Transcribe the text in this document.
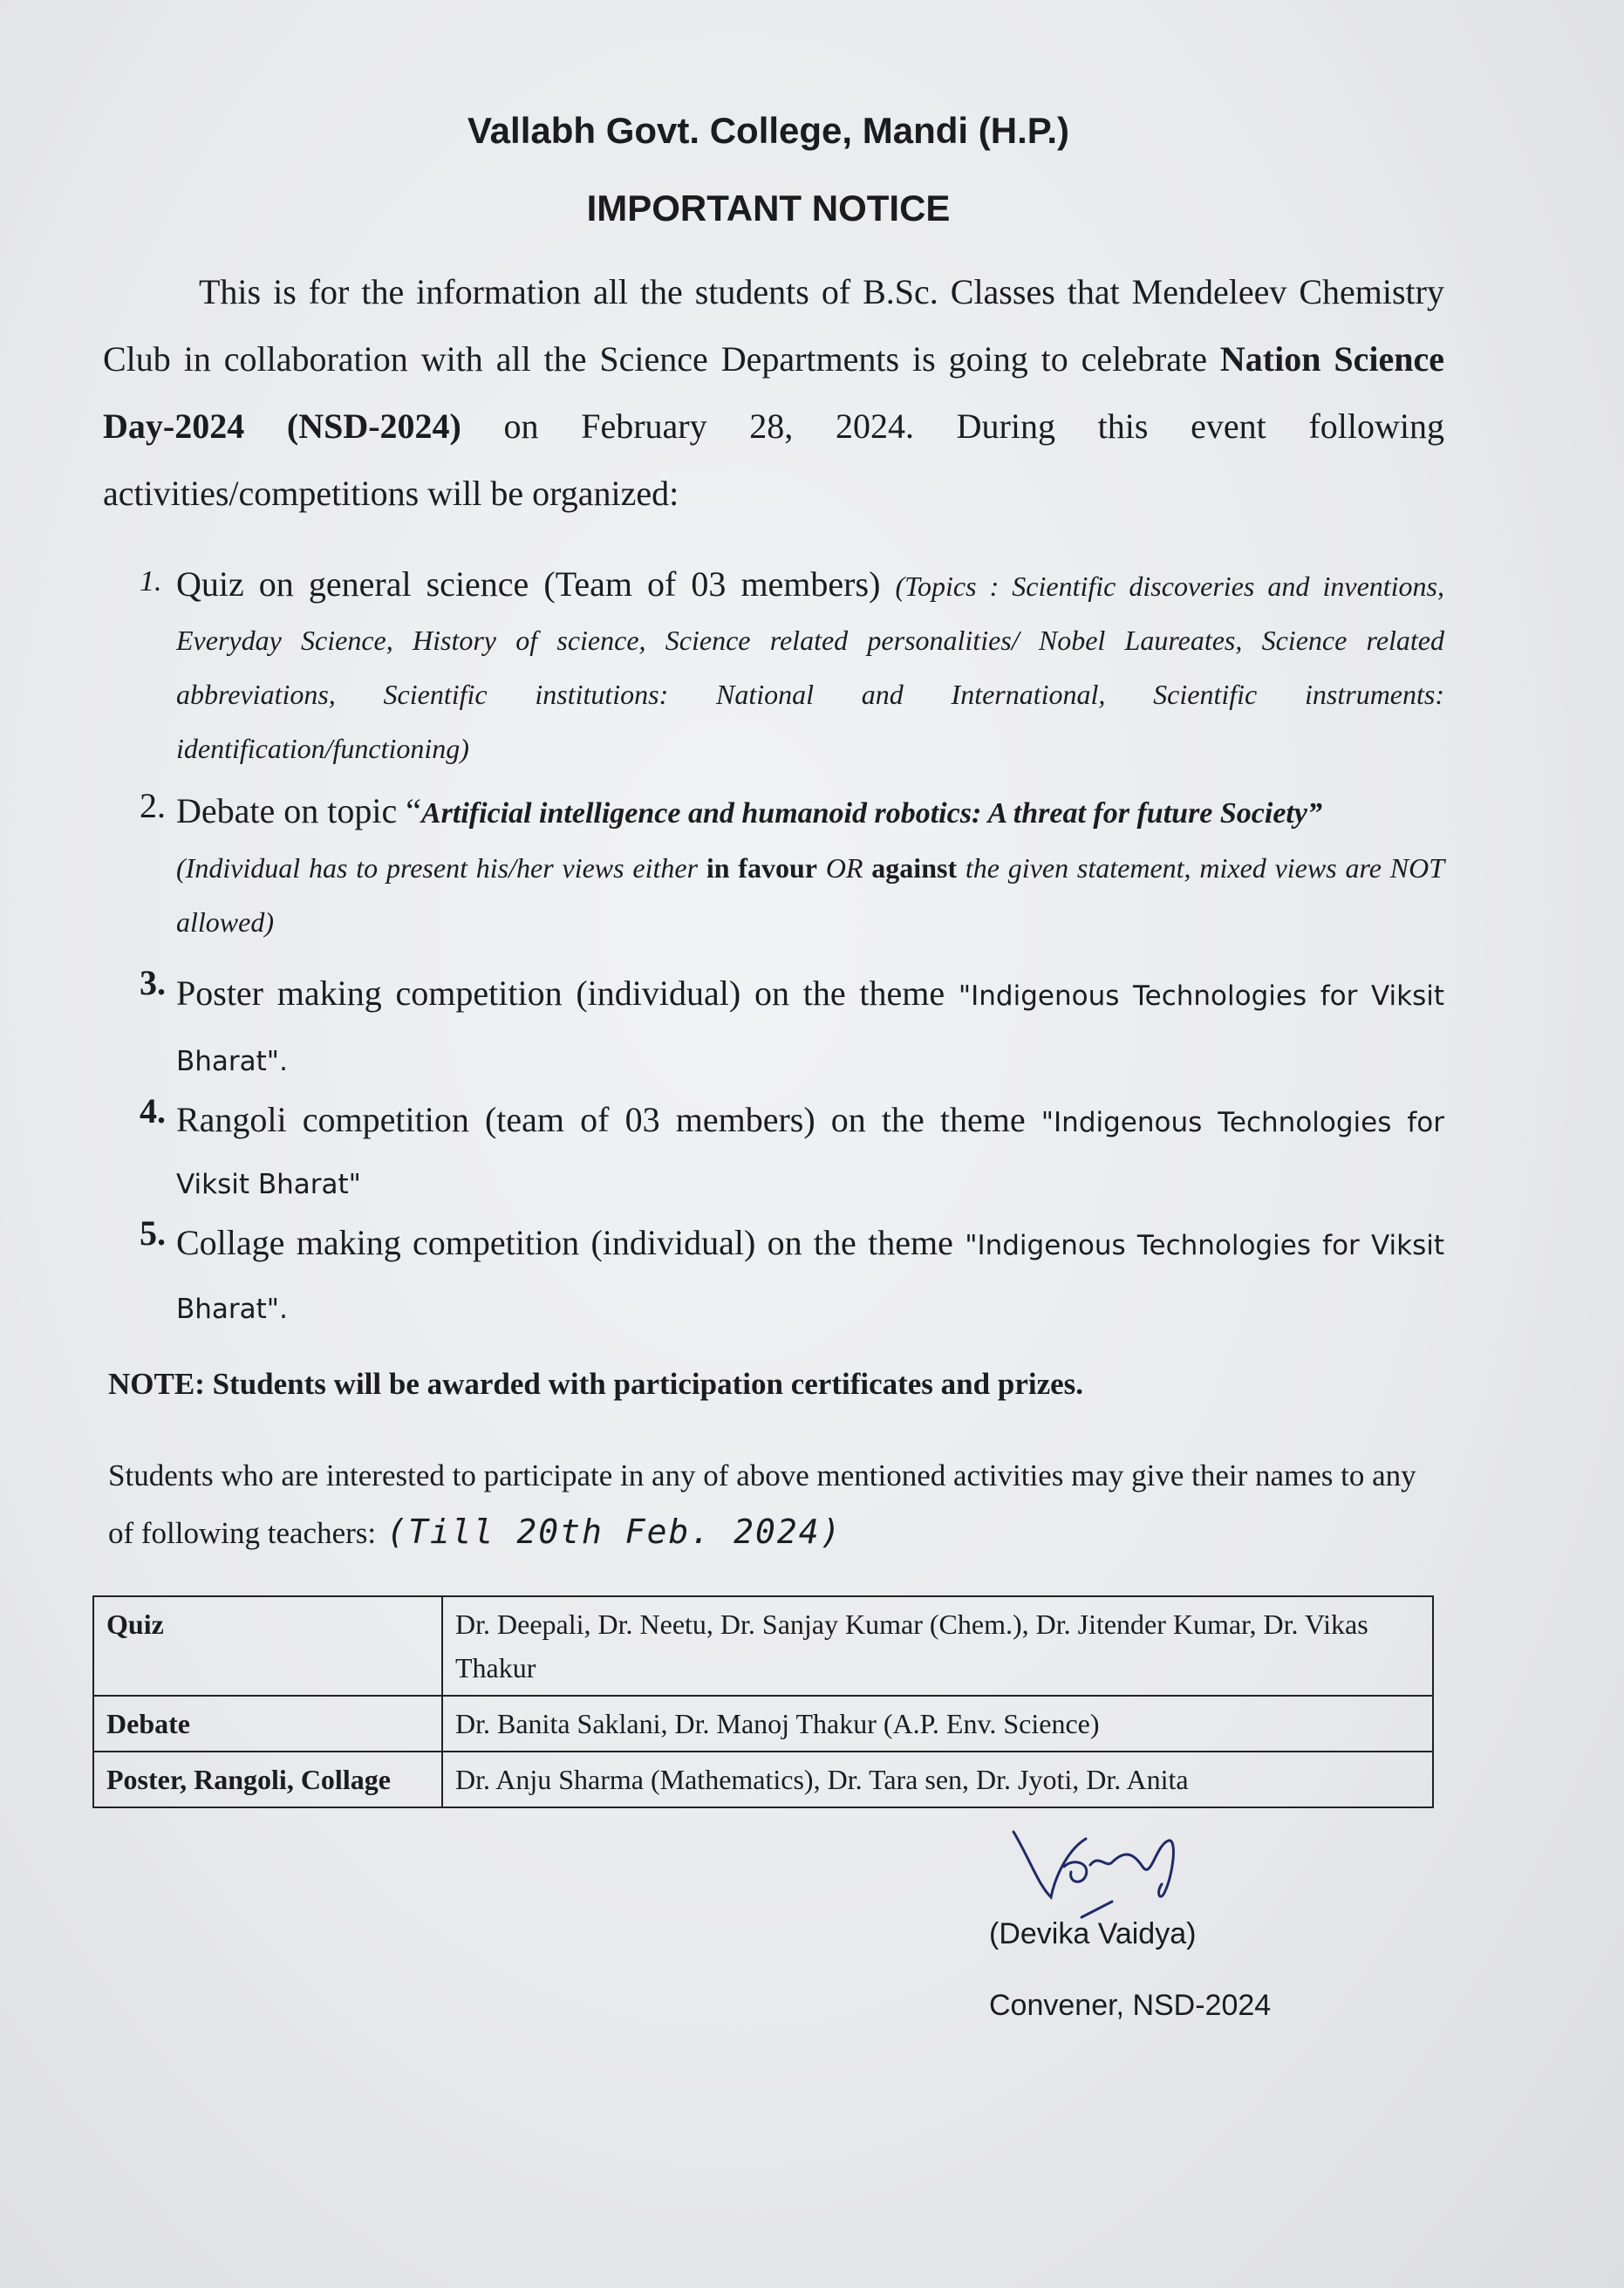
Vallabh Govt. College, Mandi (H.P.)
IMPORTANT NOTICE
This is for the information all the students of B.Sc. Classes that Mendeleev Chemistry Club in collaboration with all the Science Departments is going to celebrate Nation Science Day-2024 (NSD-2024) on February 28, 2024. During this event following activities/competitions will be organized:
1. Quiz on general science (Team of 03 members) (Topics : Scientific discoveries and inventions, Everyday Science, History of science, Science related personalities/ Nobel Laureates, Science related abbreviations, Scientific institutions: National and International, Scientific instruments: identification/functioning)
2. Debate on topic “Artificial intelligence and humanoid robotics: A threat for future Society”
(Individual has to present his/her views either in favour OR against the given statement, mixed views are NOT allowed)
3. Poster making competition (individual) on the theme "Indigenous Technologies for Viksit Bharat".
4. Rangoli competition (team of 03 members) on the theme "Indigenous Technologies for Viksit Bharat"
5. Collage making competition (individual) on the theme "Indigenous Technologies for Viksit Bharat".
NOTE: Students will be awarded with participation certificates and prizes.
Students who are interested to participate in any of above mentioned activities may give their names to any of following teachers: (Till 20th Feb. 2024)
Quiz	Dr. Deepali, Dr. Neetu, Dr. Sanjay Kumar (Chem.), Dr. Jitender Kumar, Dr. Vikas Thakur
Debate	Dr. Banita Saklani, Dr. Manoj Thakur (A.P. Env. Science)
Poster, Rangoli, Collage	Dr. Anju Sharma (Mathematics), Dr. Tara sen, Dr. Jyoti, Dr. Anita
(Devika Vaidya)
Convener, NSD-2024
